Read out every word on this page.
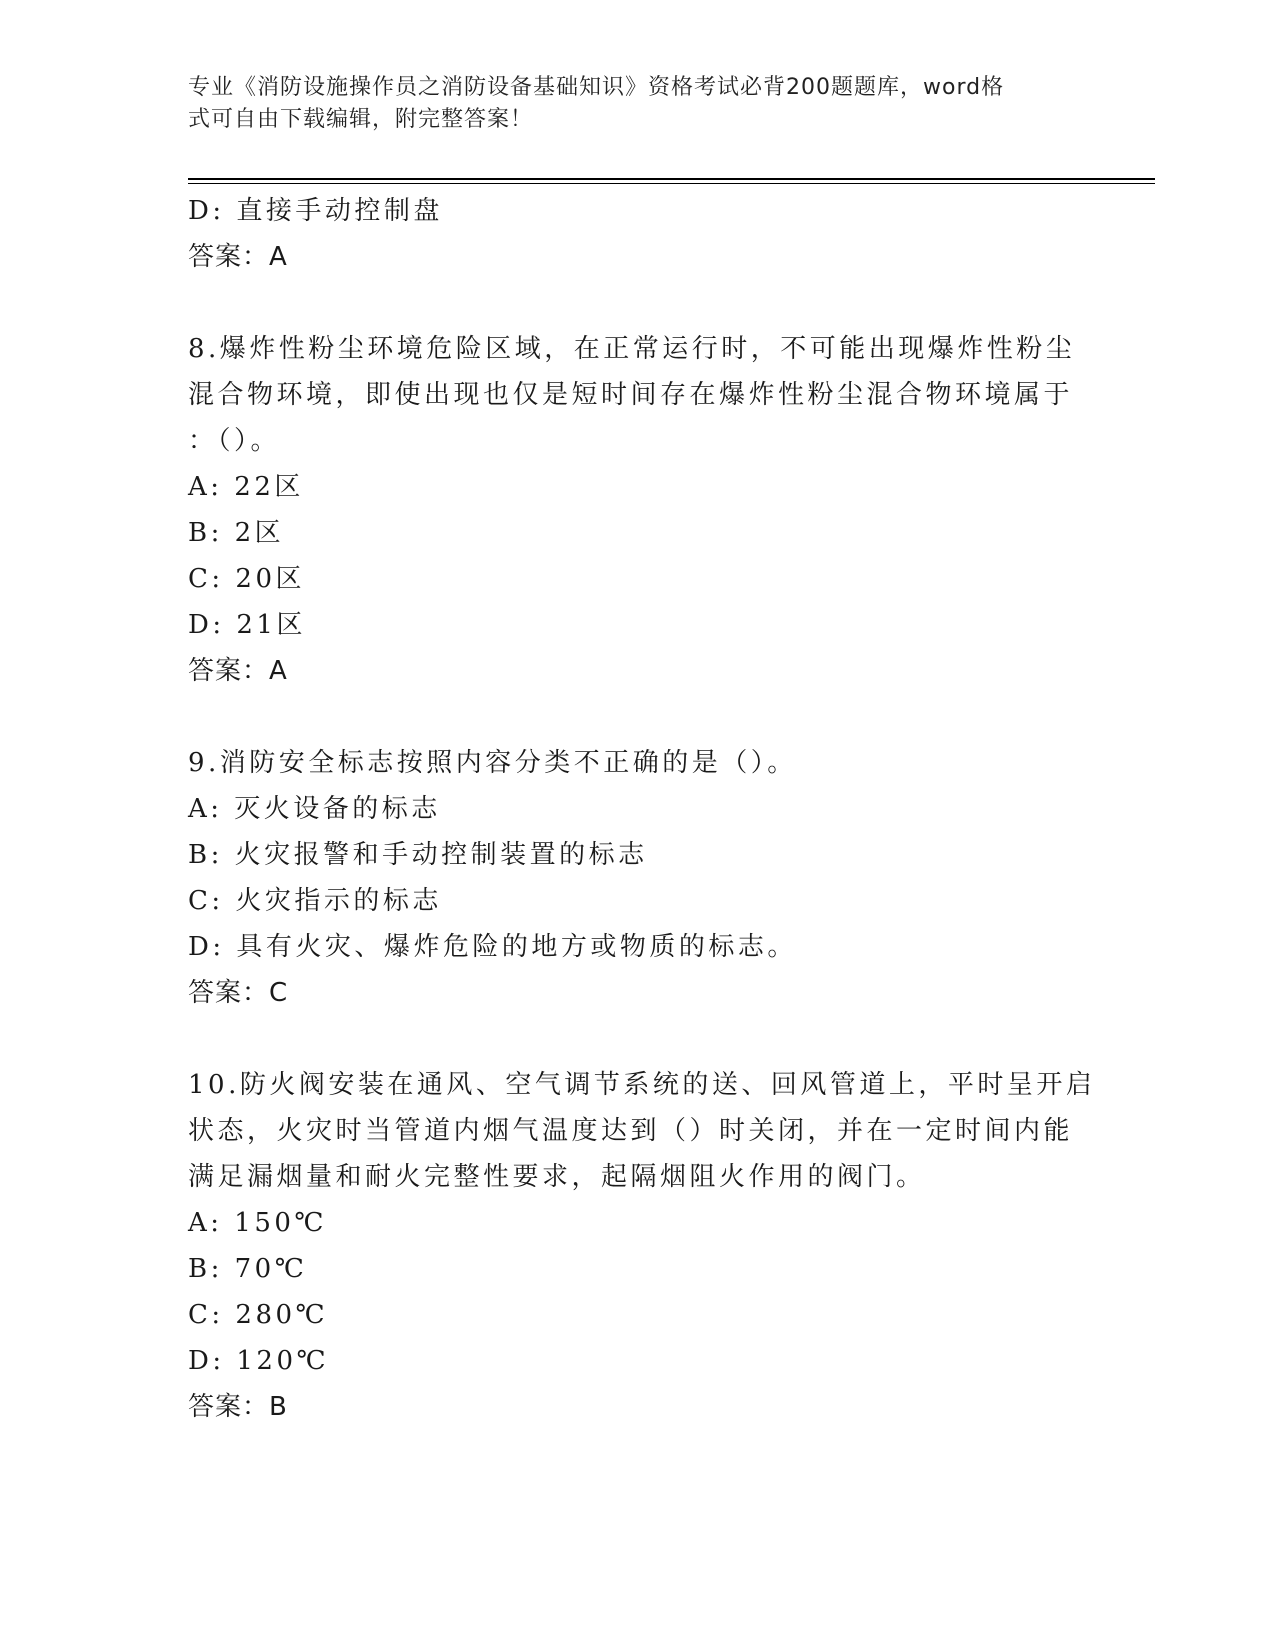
专业《消防设施操作员之消防设备基础知识》资格考试必背200题题库，word格
式可自由下载编辑，附完整答案！
D: 直接手动控制盘
答案：A
8.爆炸性粉尘环境危险区域，在正常运行时，不可能出现爆炸性粉尘
混合物环境，即使出现也仅是短时间存在爆炸性粉尘混合物环境属于
：（）。
A: 22区
B: 2区
C: 20区
D: 21区
答案：A
9.消防安全标志按照内容分类不正确的是（）。
A: 灭火设备的标志
B: 火灾报警和手动控制装置的标志
C: 火灾指示的标志
D: 具有火灾、爆炸危险的地方或物质的标志。
答案：C
10.防火阀安装在通风、空气调节系统的送、回风管道上，平时呈开启
状态，火灾时当管道内烟气温度达到（）时关闭，并在一定时间内能
满足漏烟量和耐火完整性要求，起隔烟阻火作用的阀门。
A: 150℃
B: 70℃
C: 280℃
D: 120℃
答案：B
